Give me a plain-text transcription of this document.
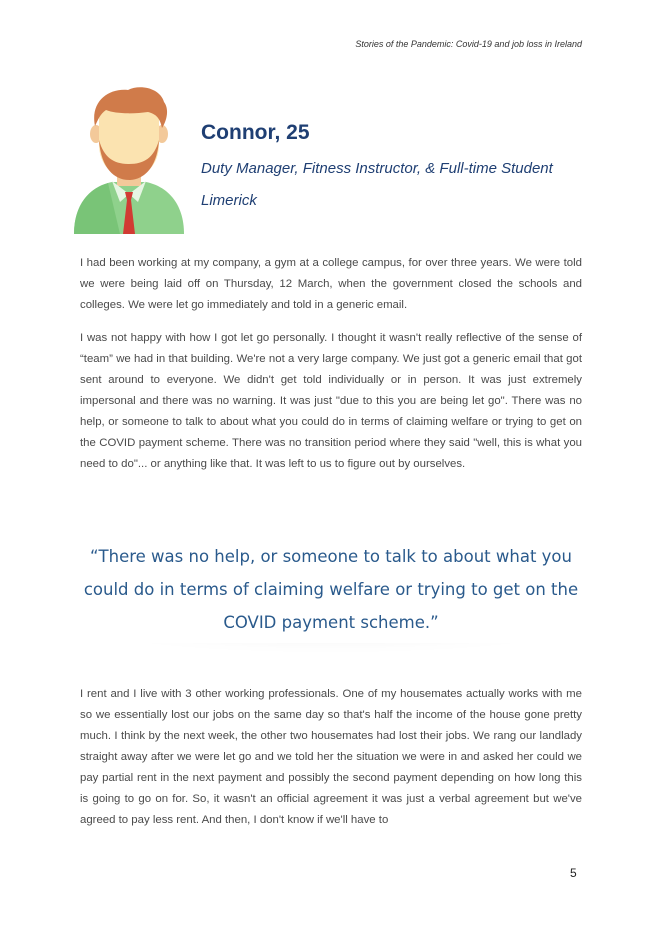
Stories of the Pandemic: Covid-19 and job loss in Ireland
Connor, 25
Duty Manager, Fitness Instructor, & Full-time Student
Limerick

I had been working at my company, a gym at a college campus, for over three years. We were told we were being laid off on Thursday, 12 March, when the government closed the schools and colleges. We were let go immediately and told in a generic email.

I was not happy with how I got let go personally. I thought it wasn't really reflective of the sense of “team” we had in that building. We're not a very large company. We just got a generic email that got sent around to everyone. We didn't get told individually or in person. It was just extremely impersonal and there was no warning. It was just "due to this you are being let go". There was no help, or someone to talk to about what you could do in terms of claiming welfare or trying to get on the COVID payment scheme. There was no transition period where they said "well, this is what you need to do"... or anything like that. It was left to us to figure out by ourselves.

“There was no help, or someone to talk to about what you could do in terms of claiming welfare or trying to get on the COVID payment scheme.”

I rent and I live with 3 other working professionals. One of my housemates actually works with me so we essentially lost our jobs on the same day so that's half the income of the house gone pretty much. I think by the next week, the other two housemates had lost their jobs. We rang our landlady straight away after we were let go and we told her the situation we were in and asked her could we pay partial rent in the next payment and possibly the second payment depending on how long this is going to go on for. So, it wasn't an official agreement it was just a verbal agreement but we've agreed to pay less rent. And then, I don't know if we'll have to

5
